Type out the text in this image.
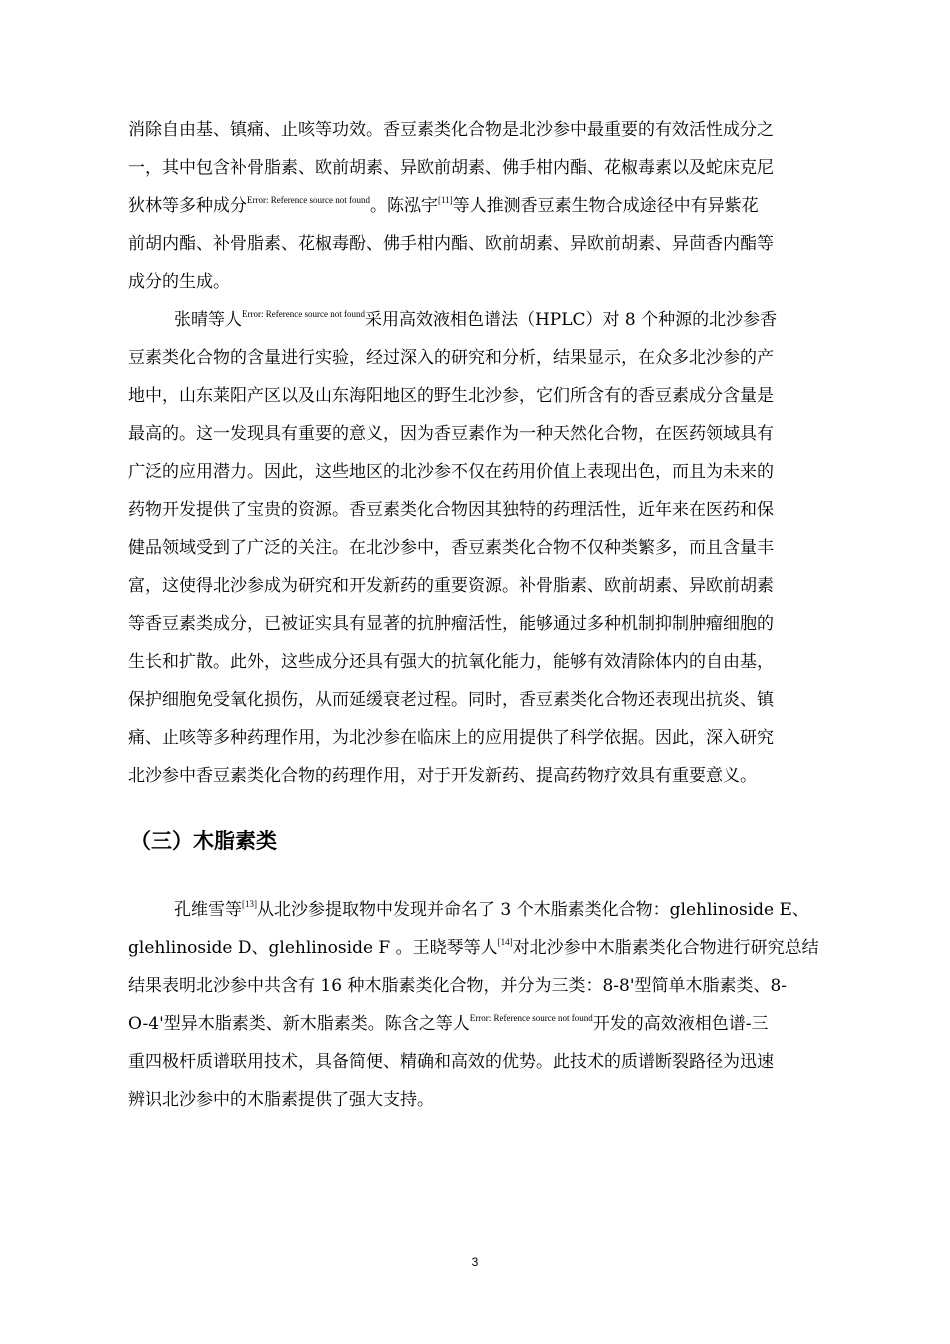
消除自由基、镇痛、止咳等功效。香豆素类化合物是北沙参中最重要的有效活性成分之
一，其中包含补骨脂素、欧前胡素、异欧前胡素、佛手柑内酯、花椒毒素以及蛇床克尼
狄林等多种成分$^{Error: Reference source not found}$。陈泓宇[11]等人推测香豆素生物合成途径中有异紫花
前胡内酯、补骨脂素、花椒毒酚、佛手柑内酯、欧前胡素、异欧前胡素、异茴香内酯等
成分的生成。
张晴等人$^{Error: Reference source not found}$采用高效液相色谱法（HPLC）对 8 个种源的北沙参香
豆素类化合物的含量进行实验，经过深入的研究和分析，结果显示，在众多北沙参的产
地中，山东莱阳产区以及山东海阳地区的野生北沙参，它们所含有的香豆素成分含量是
最高的。这一发现具有重要的意义，因为香豆素作为一种天然化合物，在医药领域具有
广泛的应用潜力。因此，这些地区的北沙参不仅在药用价值上表现出色，而且为未来的
药物开发提供了宝贵的资源。香豆素类化合物因其独特的药理活性，近年来在医药和保
健品领域受到了广泛的关注。在北沙参中，香豆素类化合物不仅种类繁多，而且含量丰
富，这使得北沙参成为研究和开发新药的重要资源。补骨脂素、欧前胡素、异欧前胡素
等香豆素类成分，已被证实具有显著的抗肿瘤活性，能够通过多种机制抑制肿瘤细胞的
生长和扩散。此外，这些成分还具有强大的抗氧化能力，能够有效清除体内的自由基，
保护细胞免受氧化损伤，从而延缓衰老过程。同时，香豆素类化合物还表现出抗炎、镇
痛、止咳等多种药理作用，为北沙参在临床上的应用提供了科学依据。因此，深入研究
北沙参中香豆素类化合物的药理作用，对于开发新药、提高药物疗效具有重要意义。
（三）木脂素类
孔维雪等[13]从北沙参提取物中发现并命名了 3 个木脂素类化合物：glehlinoside E、
glehlinoside D、glehlinoside F 。王晓琴等人[14]对北沙参中木脂素类化合物进行研究总结
结果表明北沙参中共含有 16 种木脂素类化合物，并分为三类：8-8'型简单木脂素类、8-
O-4'型异木脂素类、新木脂素类。陈含之等人$^{Error: Reference source not found}$开发的高效液相色谱-三
重四极杆质谱联用技术，具备简便、精确和高效的优势。此技术的质谱断裂路径为迅速
辨识北沙参中的木脂素提供了强大支持。
3
